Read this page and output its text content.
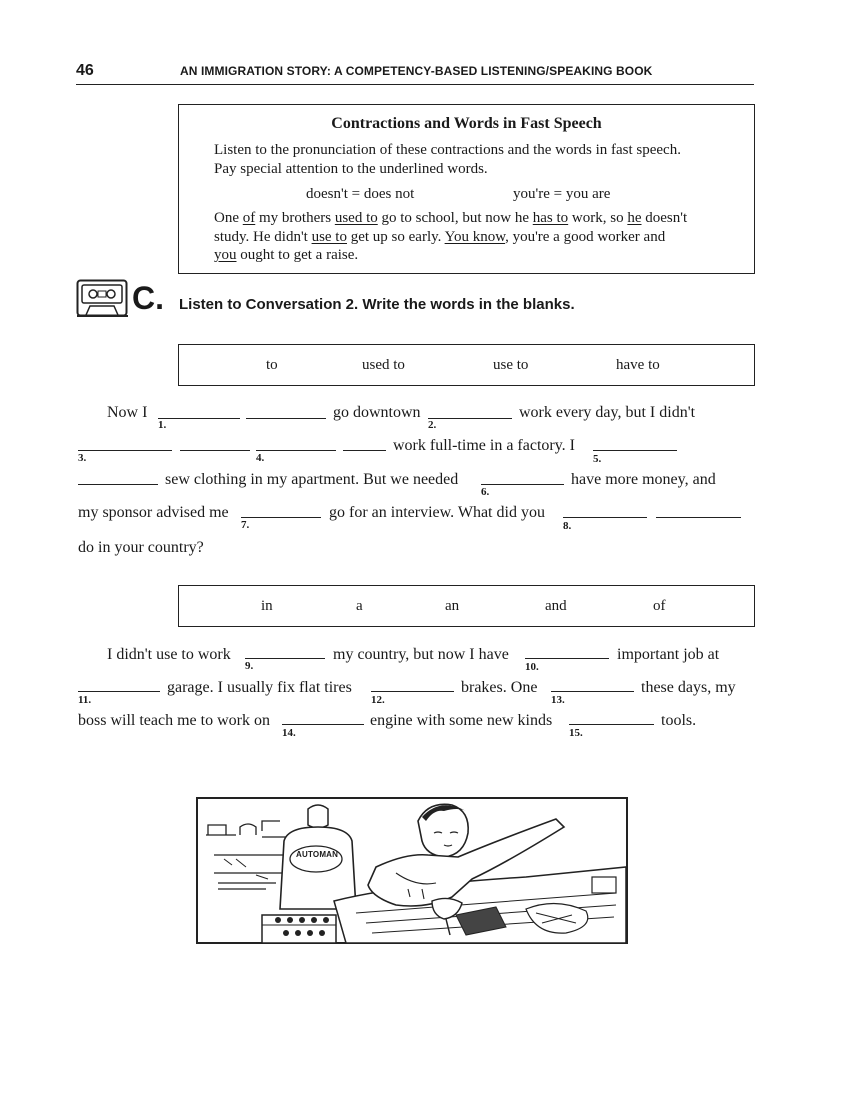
46	AN IMMIGRATION STORY: A COMPETENCY-BASED LISTENING/SPEAKING BOOK
Contractions and Words in Fast Speech
Listen to the pronunciation of these contractions and the words in fast speech.
Pay special attention to the underlined words.
doesn't = does not	you're = you are
One of my brothers used to go to school, but now he has to work, so he doesn't
study. He didn't use to get up so early. You know, you're a good worker and
you ought to get a raise.
C. Listen to Conversation 2. Write the words in the blanks.
to	used to	use to	have to
Now I
1.
go downtown
2.
work every day, but I didn't
3.	4.
work full-time in a factory. I
5.
sew clothing in my apartment. But we needed
6.
have more money, and
my sponsor advised me
7.
go for an interview. What did you
8.
do in your country?
in	a	an	and	of
I didn't use to work
9.
my country, but now I have
10.
important job at
11.
garage. I usually fix flat tires
12.
brakes. One
13.
these days, my
boss will teach me to work on
14.
engine with some new kinds
15.
tools.
AUTOMAN
